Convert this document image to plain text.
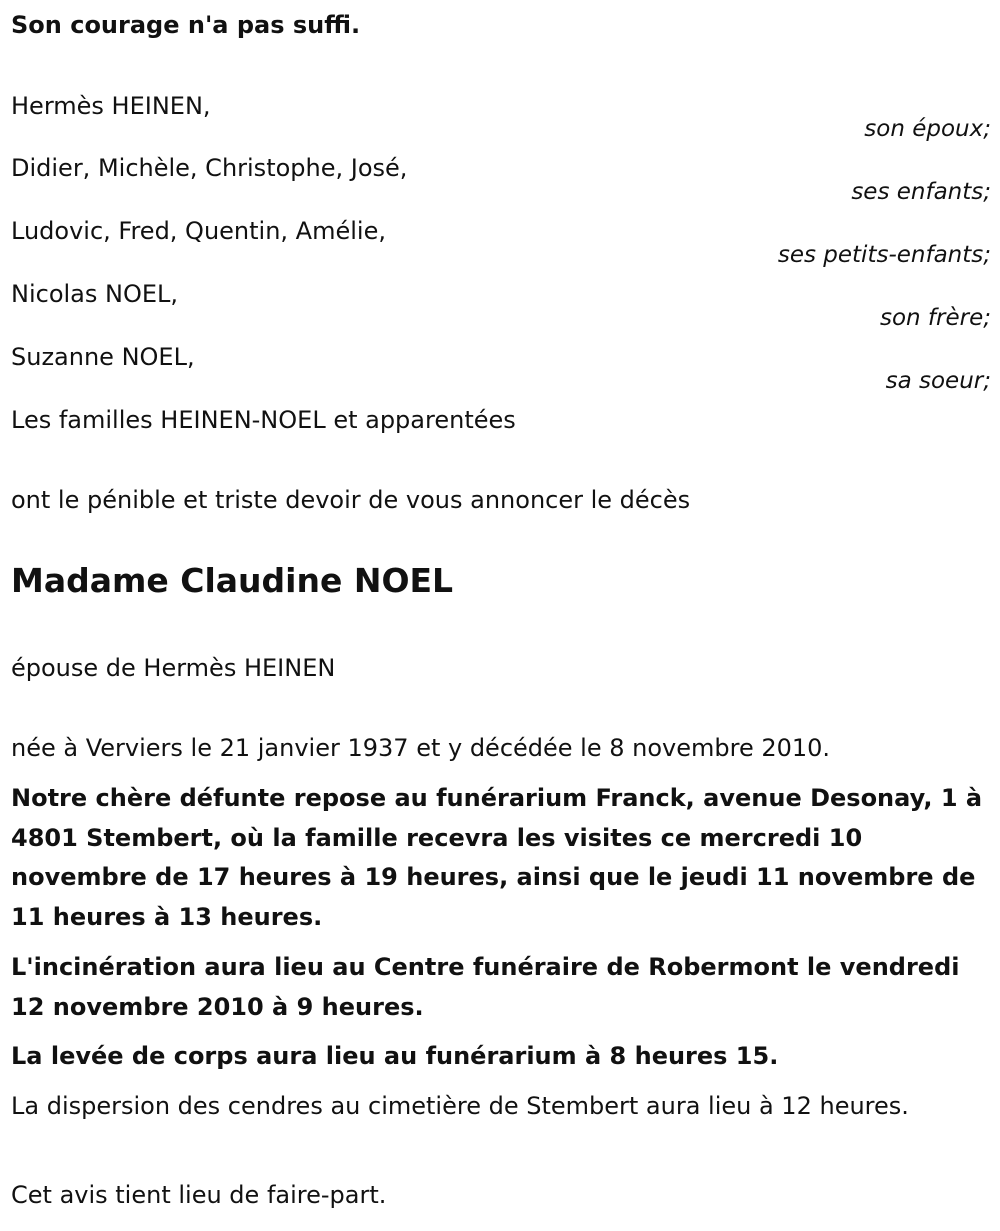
Son courage n'a pas suffi.
Hermès HEINEN,
son époux;
Didier, Michèle, Christophe, José,
ses enfants;
Ludovic, Fred, Quentin, Amélie,
ses petits-enfants;
Nicolas NOEL,
son frère;
Suzanne NOEL,
sa soeur;
Les familles HEINEN-NOEL et apparentées
ont le pénible et triste devoir de vous annoncer le décès
Madame Claudine NOEL
épouse de Hermès HEINEN
née à Verviers le 21 janvier 1937 et y décédée le 8 novembre 2010.
Notre chère défunte repose au funérarium Franck, avenue Desonay, 1 à 4801 Stembert, où la famille recevra les visites ce mercredi 10 novembre de 17 heures à 19 heures, ainsi que le jeudi 11 novembre de 11 heures à 13 heures.
L'incinération aura lieu au Centre funéraire de Robermont le vendredi 12 novembre 2010 à 9 heures.
La levée de corps aura lieu au funérarium à 8 heures 15.
La dispersion des cendres au cimetière de Stembert aura lieu à 12 heures.
Cet avis tient lieu de faire-part.
